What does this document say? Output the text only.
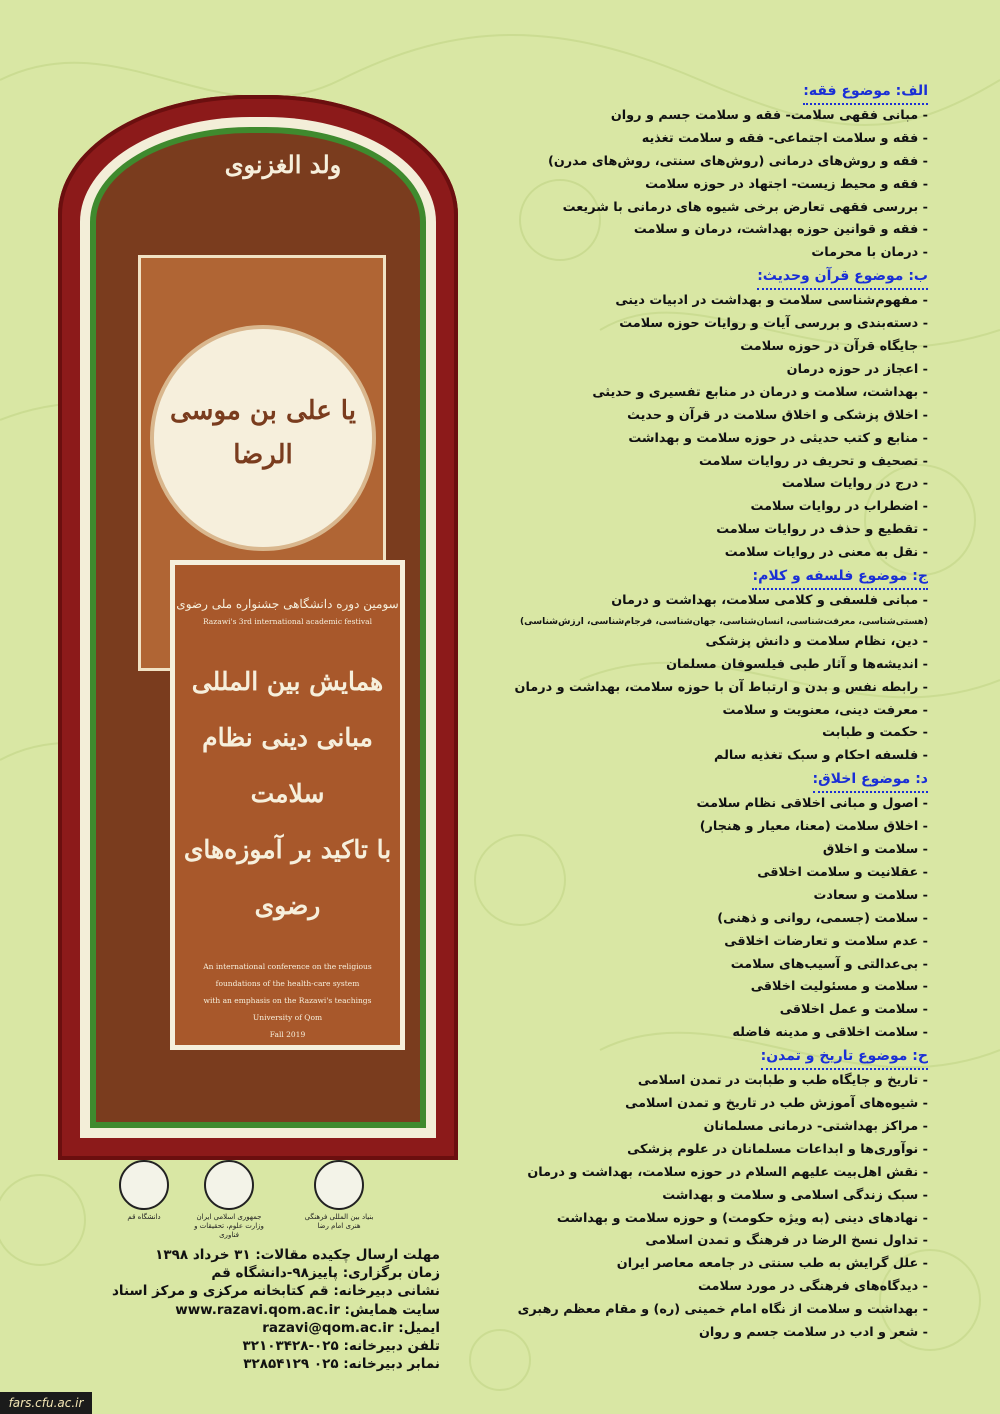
ولد الغزنوی
یا علی بن موسی الرضا
سومین دوره دانشگاهی جشنواره ملی رضوی
Razawi's 3rd international academic festival
همایش بین المللی
مبانی دینی نظام سلامت
با تاکید بر آموزه‌های رضوی
An international conference on the religious
foundations of the health-care system
with an emphasis on the Razawi's teachings
University of Qom
Fall 2019
دانشگاه قم	جمهوری اسلامی ایران وزارت علوم، تحقیقات و فناوری
بنیاد بین المللی فرهنگی هنری امام رضا
مهلت ارسال چکیده مقالات: ۳۱ خرداد ۱۳۹۸
زمان برگزاری: پاییز۹۸-دانشگاه قم
نشانی دبیرخانه: قم کتابخانه مرکزی و مرکز اسناد
سایت همایش: www.razavi.qom.ac.ir
ایمیل: razavi@qom.ac.ir
تلفن دبیرخانه: ۰۲۵-۳۲۱۰۳۴۲۸
نمابر دبیرخانه: ۰۲۵ ۳۲۸۵۴۱۲۹
الف: موضوع فقه:
- مبانی فقهی سلامت- فقه و سلامت جسم و روان
- فقه و سلامت اجتماعی- فقه و سلامت تغذیه
- فقه و روش‌های درمانی (روش‌های سنتی، روش‌های مدرن)
- فقه و محیط زیست- اجتهاد در حوزه سلامت
- بررسی فقهی تعارض برخی شیوه های درمانی با شریعت
- فقه و قوانین حوزه بهداشت، درمان و سلامت
- درمان با محرمات
ب: موضوع قرآن وحدیث:
- مفهوم‌شناسی سلامت و بهداشت در ادبیات دینی
- دسته‌بندی و بررسی آیات و روایات حوزه سلامت
- جایگاه قرآن در حوزه سلامت
- اعجاز در حوزه درمان
- بهداشت، سلامت و درمان در منابع تفسیری و حدیثی
- اخلاق پزشکی و اخلاق سلامت در قرآن و حدیث
- منابع و کتب حدیثی در حوزه سلامت و بهداشت
- تصحیف و تحریف در روایات سلامت
- درج در روایات سلامت
- اضطراب در روایات سلامت
- تقطیع و حذف در روایات سلامت
- نقل به معنی در روایات سلامت
ج: موضوع فلسفه و کلام:
- مبانی فلسفی و کلامی سلامت، بهداشت و درمان
(هستی‌شناسی، معرفت‌شناسی، انسان‌شناسی، جهان‌شناسی، فرجام‌شناسی، ارزش‌شناسی)
- دین، نظام سلامت و دانش پزشکی
- اندیشه‌ها و آثار طبی فیلسوفان مسلمان
- رابطه نفس و بدن و ارتباط آن با حوزه سلامت، بهداشت و درمان
- معرفت دینی، معنویت و سلامت
- حکمت و طبابت
- فلسفه احکام و سبک تغذیه سالم
د: موضوع اخلاق:
- اصول و مبانی اخلاقی نظام سلامت
- اخلاق سلامت (معنا، معیار و هنجار)
- سلامت و اخلاق
- عقلانیت و سلامت اخلاقی
- سلامت و سعادت
- سلامت (جسمی، روانی و ذهنی)
- عدم سلامت و تعارضات اخلاقی
- بی‌عدالتی و آسیب‌های سلامت
- سلامت و مسئولیت اخلاقی
- سلامت و عمل اخلاقی
- سلامت اخلاقی و مدینه فاضله
ح: موضوع تاریخ و تمدن:
- تاریخ و جایگاه طب و طبابت در تمدن اسلامی
- شیوه‌های آموزش طب در تاریخ و تمدن اسلامی
- مراکز بهداشتی- درمانی مسلمانان
- نوآوری‌ها و ابداعات مسلمانان در علوم پزشکی
- نقش اهل‌بیت علیهم السلام در حوزه سلامت، بهداشت و درمان
- سبک زندگی اسلامی و سلامت و بهداشت
- نهادهای دینی (به ویژه حکومت) و حوزه سلامت و بهداشت
- تداول نسخ الرضا در فرهنگ و تمدن اسلامی
- علل گرایش به طب سنتی در جامعه معاصر ایران
- دیدگاه‌های فرهنگی در مورد سلامت
- بهداشت و سلامت از نگاه امام خمینی (ره) و مقام معظم رهبری
- شعر و ادب در سلامت جسم و روان
fars.cfu.ac.ir
